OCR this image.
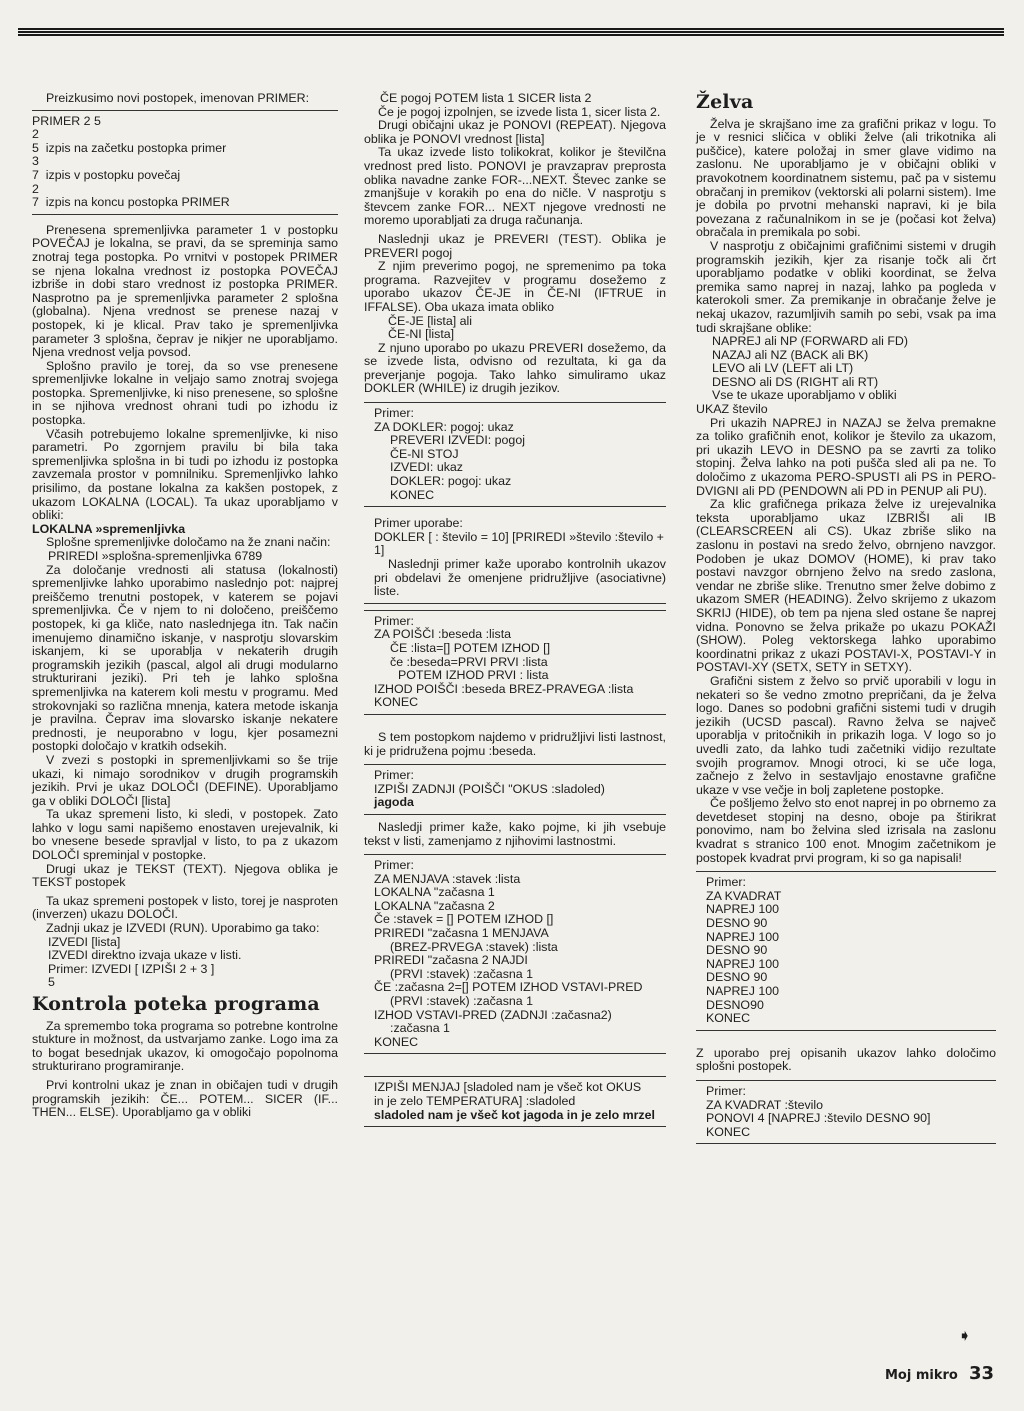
Preizkusimo novi postopek, imenovan PRIMER:

PRIMER 2 5
2
5  izpis na začetku postopka primer
3
7  izpis v postopku povečaj
2
7  izpis na koncu postopka PRIMER

Prenesena spremenljivka parameter 1 v postopku POVEČAJ je lokalna, se pravi, da se spreminja samo znotraj tega postopka. Po vrnitvi v postopek PRIMER se njena lokalna vrednost iz postopka POVEČAJ izbriše in dobi staro vrednost iz postopka PRIMER. Nasprotno pa je spremenljivka parameter 2 splošna (globalna). Njena vrednost se prenese nazaj v postopek, ki je klical. Prav tako je spremenljivka parameter 3 splošna, čeprav je nikjer ne uporabljamo. Njena vrednost velja povsod.

Splošno pravilo je torej, da so vse prenesene spremenljivke lokalne in veljajo samo znotraj svojega postopka. Spremenljivke, ki niso prenesene, so splošne in se njihova vrednost ohrani tudi po izhodu iz postopka.

Včasih potrebujemo lokalne spremenljivke, ki niso parametri. Po zgornjem pravilu bi bila taka spremenljivka splošna in bi tudi po izhodu iz postopka zavzemala prostor v pomnilniku. Spremenljivko lahko prisilimo, da postane lokalna za kakšen postopek, z ukazom LOKALNA (LOCAL). Ta ukaz uporabljamo v obliki:

LOKALNA »spremenljivka

Splošne spremenljivke določamo na že znani način:

PRIREDI »splošna-spremenljivka 6789

Za določanje vrednosti ali statusa (lokalnosti) spremenljivke lahko uporabimo naslednjo pot: najprej preiščemo trenutni postopek, v katerem se pojavi spremenljivka. Če v njem to ni določeno, preiščemo postopek, ki ga kliče, nato naslednjega itn. Tak način imenujemo dinamično iskanje, v nasprotju slovarskim iskanjem, ki se uporablja v nekaterih drugih programskih jezikih (pascal, algol ali drugi modularno strukturirani jeziki). Pri teh je lahko splošna spremenljivka na katerem koli mestu v programu. Med strokovnjaki so različna mnenja, katera metode iskanja je pravilna. Čeprav ima slovarsko iskanje nekatere prednosti, je neuporabno v logu, kjer posamezni postopki določajo v kratkih odsekih.

V zvezi s postopki in spremenljivkami so še trije ukazi, ki nimajo sorodnikov v drugih programskih jezikih. Prvi je ukaz DOLOČI (DEFINE). Uporabljamo ga v obliki DOLOČI [lista]

Ta ukaz spremeni listo, ki sledi, v postopek. Zato lahko v logu sami napišemo enostaven urejevalnik, ki bo vnesene besede spravljal v listo, to pa z ukazom DOLOČI spreminjal v postopke.

Drugi ukaz je TEKST (TEXT). Njegova oblika je TEKST postopek

Ta ukaz spremeni postopek v listo, torej je nasproten (inverzen) ukazu DOLOČI.

Zadnji ukaz je IZVEDI (RUN). Uporabimo ga tako:

IZVEDI [lista]
IZVEDI direktno izvaja ukaze v listi.
Primer: IZVEDI [ IZPIŠI 2 + 3 ]
5
Kontrola poteka programa

Za spremembo toka programa so potrebne kontrolne stukture in možnost, da ustvarjamo zanke. Logo ima za to bogat besednjak ukazov, ki omogočajo popolnoma strukturirano programiranje.

Prvi kontrolni ukaz je znan in običajen tudi v drugih programskih jezikih: ČE... POTEM... SICER (IF... THEN... ELSE). Uporabljamo ga v obliki

ČE pogoj POTEM lista 1 SICER lista 2

Če je pogoj izpolnjen, se izvede lista 1, sicer lista 2.

Drugi običajni ukaz je PONOVI (REPEAT). Njegova oblika je PONOVI vrednost [lista]

Ta ukaz izvede listo tolikokrat, kolikor je številčna vrednost pred listo. PONOVI je pravzaprav preprosta oblika navadne zanke FOR-...NEXT. Števec zanke se zmanjšuje v korakih po ena do ničle. V nasprotju s števcem zanke FOR... NEXT njegove vrednosti ne moremo uporabljati za druga računanja.

Naslednji ukaz je PREVERI (TEST). Oblika je PREVERI pogoj

Z njim preverimo pogoj, ne spremenimo pa toka programa. Razvejitev v programu dosežemo z uporabo ukazov ČE-JE in ČE-NI (IFTRUE in IFFALSE). Oba ukaza imata obliko

ČE-JE [lista] ali
ČE-NI [lista]

Z njuno uporabo po ukazu PREVERI dosežemo, da se izvede lista, odvisno od rezultata, ki ga da preverjanje pogoja. Tako lahko simuliramo ukaz DOKLER (WHILE) iz drugih jezikov.

Primer:
ZA DOKLER: pogoj: ukaz
PREVERI IZVEDI: pogoj
ČE-NI STOJ
IZVEDI: ukaz
DOKLER: pogoj: ukaz
KONEC
Primer uporabe:
DOKLER [ : število = 10] [PRIREDI »število :število + 1]

Naslednji primer kaže uporabo kontrolnih ukazov pri obdelavi že omenjene pridružljive (asociativne) liste.

Primer:
ZA POIŠČI :beseda :lista
ČE :lista=[] POTEM IZHOD []
če :beseda=PRVI PRVI :lista
POTEM IZHOD PRVI : lista
IZHOD POIŠČI :beseda BREZ-PRAVEGA :lista
KONEC

S tem postopkom najdemo v pridružljivi listi lastnost, ki je pridružena pojmu :beseda.

Primer:
IZPIŠI ZADNJI (POIŠČI "OKUS :sladoled)
jagoda

Nasledji primer kaže, kako pojme, ki jih vsebuje tekst v listi, zamenjamo z njihovimi lastnostmi.

Primer:
ZA MENJAVA :stavek :lista
LOKALNA "začasna 1
LOKALNA "začasna 2
Če :stavek = [] POTEM IZHOD []
PRIREDI "začasna 1 MENJAVA
(BREZ-PRVEGA :stavek) :lista
PRIREDI "začasna 2 NAJDI
(PRVI :stavek) :začasna 1
ČE :začasna 2=[] POTEM IZHOD VSTAVI-PRED
(PRVI :stavek) :začasna 1
IZHOD VSTAVI-PRED (ZADNJI :začasna2)
:začasna 1
KONEC
IZPIŠI MENJAJ [sladoled nam je všeč kot OKUS
in je zelo TEMPERATURA] :sladoled
sladoled nam je všeč kot jagoda in je zelo mrzel
Želva

Želva je skrajšano ime za grafični prikaz v logu. To je v resnici sličica v obliki želve (ali trikotnika ali puščice), katere položaj in smer glave vidimo na zaslonu. Ne uporabljamo je v običajni obliki v pravokotnem koordinatnem sistemu, pač pa v sistemu obračanj in premikov (vektorski ali polarni sistem). Ime je dobila po prvotni mehanski napravi, ki je bila povezana z računalnikom in se je (počasi kot želva) obračala in premikala po sobi.

V nasprotju z običajnimi grafičnimi sistemi v drugih programskih jezikih, kjer za risanje točk ali črt uporabljamo podatke v obliki koordinat, se želva premika samo naprej in nazaj, lahko pa pogleda v katerokoli smer. Za premikanje in obračanje želve je nekaj ukazov, razumljivih samih po sebi, vsak pa ima tudi skrajšane oblike:

NAPREJ ali NP (FORWARD ali FD)
NAZAJ ali NZ (BACK ali BK)
LEVO ali LV (LEFT ali LT)
DESNO ali DS (RIGHT ali RT)
Vse te ukaze uporabljamo v obliki
UKAZ število

Pri ukazih NAPREJ in NAZAJ se želva premakne za toliko grafičnih enot, kolikor je število za ukazom, pri ukazih LEVO in DESNO pa se zavrti za toliko stopinj. Želva lahko na poti pušča sled ali pa ne. To določimo z ukazoma PERO-SPUSTI ali PS in PERO-DVIGNI ali PD (PENDOWN ali PD in PENUP ali PU).

Za klic grafičnega prikaza želve iz urejevalnika teksta uporabljamo ukaz IZBRIŠI ali IB (CLEARSCREEN ali CS). Ukaz zbriše sliko na zaslonu in postavi na sredo želvo, obrnjeno navzgor. Podoben je ukaz DOMOV (HOME), ki prav tako postavi navzgor obrnjeno želvo na sredo zaslona, vendar ne zbriše slike. Trenutno smer želve dobimo z ukazom SMER (HEADING). Želvo skrijemo z ukazom SKRIJ (HIDE), ob tem pa njena sled ostane še naprej vidna. Ponovno se želva prikaže po ukazu POKAŽI (SHOW). Poleg vektorskega lahko uporabimo koordinatni prikaz z ukazi POSTAVI-X, POSTAVI-Y in POSTAVI-XY (SETX, SETY in SETXY).

Grafični sistem z želvo so prvič uporabili v logu in nekateri so še vedno zmotno prepričani, da je želva logo. Danes so podobni grafični sistemi tudi v drugih jezikih (UCSD pascal). Ravno želva se največ uporablja v pritočnikih in prikazih loga. V logo so jo uvedli zato, da lahko tudi začetniki vidijo rezultate svojih programov. Mnogi otroci, ki se uče loga, začnejo z želvo in sestavljajo enostavne grafične ukaze v vse večje in bolj zapletene postopke.

Če pošljemo želvo sto enot naprej in po obrnemo za devetdeset stopinj na desno, oboje pa štirikrat ponovimo, nam bo želvina sled izrisala na zaslonu kvadrat s stranico 100 enot. Mnogim začetnikom je postopek kvadrat prvi program, ki so ga napisali!

Primer:
ZA KVADRAT
NAPREJ 100
DESNO 90
NAPREJ 100
DESNO 90
NAPREJ 100
DESNO 90
NAPREJ 100
DESNO90
KONEC

Z uporabo prej opisanih ukazov lahko določimo splošni postopek.

Primer:
ZA KVADRAT :število
PONOVI 4 [NAPREJ :število DESNO 90]
KONEC
➧
Moj mikro 33
